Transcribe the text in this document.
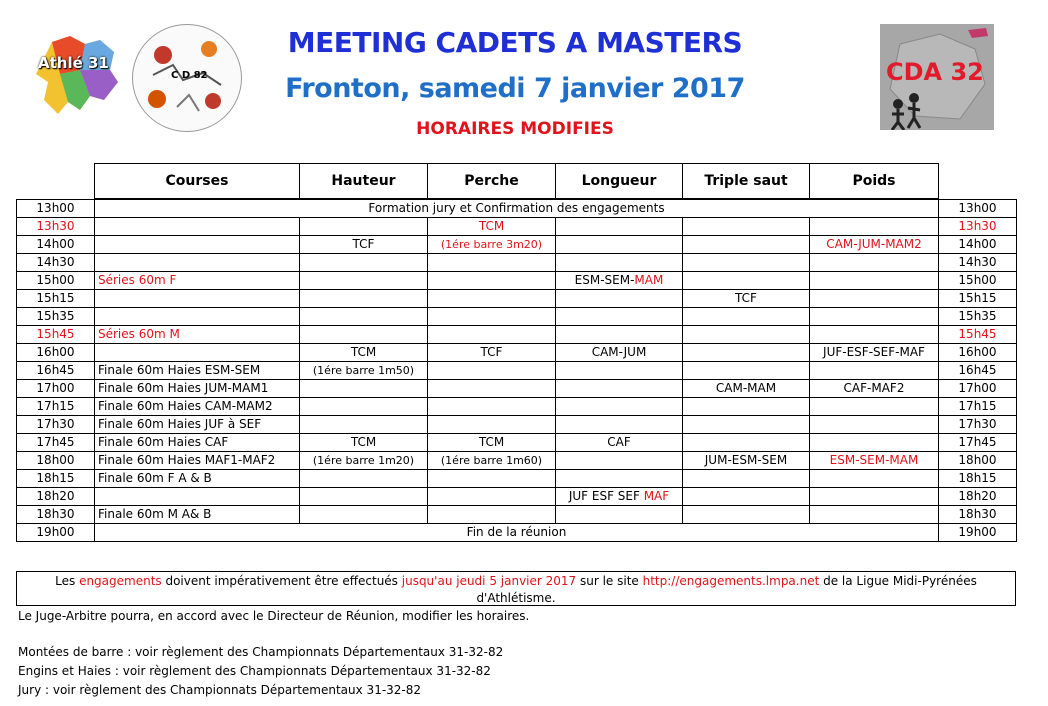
Athlé 31
C D 82	CDA 32
MEETING CADETS A MASTERS
Fronton, samedi 7 janvier 2017
HORAIRES MODIFIES
Courses	Hauteur	Perche	Longueur	Triple saut	Poids
13h00	Formation jury et Confirmation des engagements						13h00
13h30			TCM				13h30
14h00		TCF	(1ére barre 3m20)			CAM-JUM-MAM2	14h00
14h30							14h30
15h00	Séries 60m F			ESM-SEM-MAM			15h00
15h15					TCF		15h15
15h35							15h35
15h45	Séries 60m M						15h45
16h00		TCM	TCF	CAM-JUM		JUF-ESF-SEF-MAF	16h00
16h45	Finale 60m Haies ESM-SEM	(1ére barre 1m50)					16h45
17h00	Finale 60m Haies JUM-MAM1				CAM-MAM	CAF-MAF2	17h00
17h15	Finale 60m Haies CAM-MAM2						17h15
17h30	Finale 60m Haies JUF à SEF						17h30
17h45	Finale 60m Haies CAF	TCM	TCM	CAF			17h45
18h00	Finale 60m Haies MAF1-MAF2	(1ére barre 1m20)	(1ére barre 1m60)		JUM-ESM-SEM	ESM-SEM-MAM	18h00
18h15	Finale 60m F A & B						18h15
18h20				JUF ESF SEF MAF			18h20
18h30	Finale 60m M A& B						18h30
19h00	Fin de la réunion						19h00
Les engagements doivent impérativement être effectués jusqu'au jeudi 5 janvier 2017 sur le site http://engagements.lmpa.net de la Ligue Midi-Pyrénées
d'Athlétisme.
Le Juge-Arbitre pourra, en accord avec le Directeur de Réunion, modifier les horaires.
Montées de barre : voir règlement des Championnats Départementaux 31-32-82
Engins et Haies : voir règlement des Championnats Départementaux 31-32-82
Jury : voir règlement des Championnats Départementaux 31-32-82
